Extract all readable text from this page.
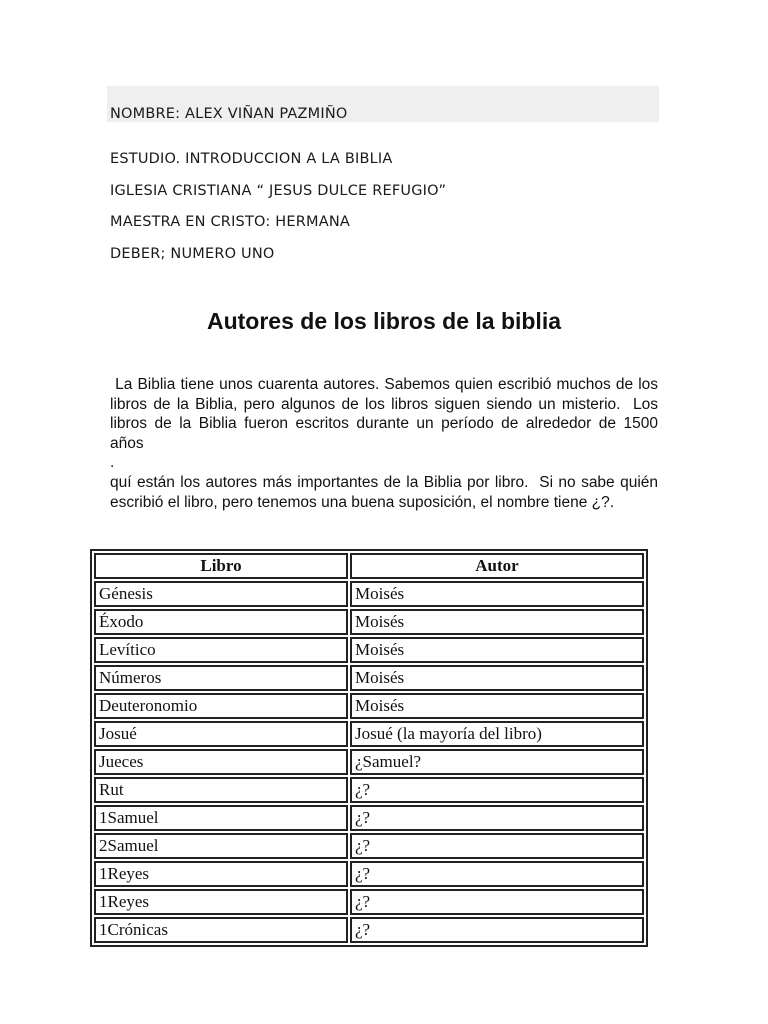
NOMBRE: ALEX VIÑAN PAZMIÑO
ESTUDIO. INTRODUCCION A LA BIBLIA
IGLESIA CRISTIANA “ JESUS DULCE REFUGIO”
MAESTRA EN CRISTO: HERMANA
DEBER; NUMERO UNO
Autores de los libros de la biblia
La Biblia tiene unos cuarenta autores. Sabemos quien escribió muchos de los libros de la Biblia, pero algunos de los libros siguen siendo un misterio.  Los libros de la Biblia fueron escritos durante un período de alrededor de 1500 años
.
quí están los autores más importantes de la Biblia por libro.  Si no sabe quién escribió el libro, pero tenemos una buena suposición, el nombre tiene ¿?.
Libro	Autor
Génesis	Moisés
Éxodo	Moisés
Levítico	Moisés
Números	Moisés
Deuteronomio	Moisés
Josué	Josué (la mayoría del libro)
Jueces	¿Samuel?
Rut	¿?
1Samuel	¿?
2Samuel	¿?
1Reyes	¿?
1Reyes	¿?
1Crónicas	¿?
